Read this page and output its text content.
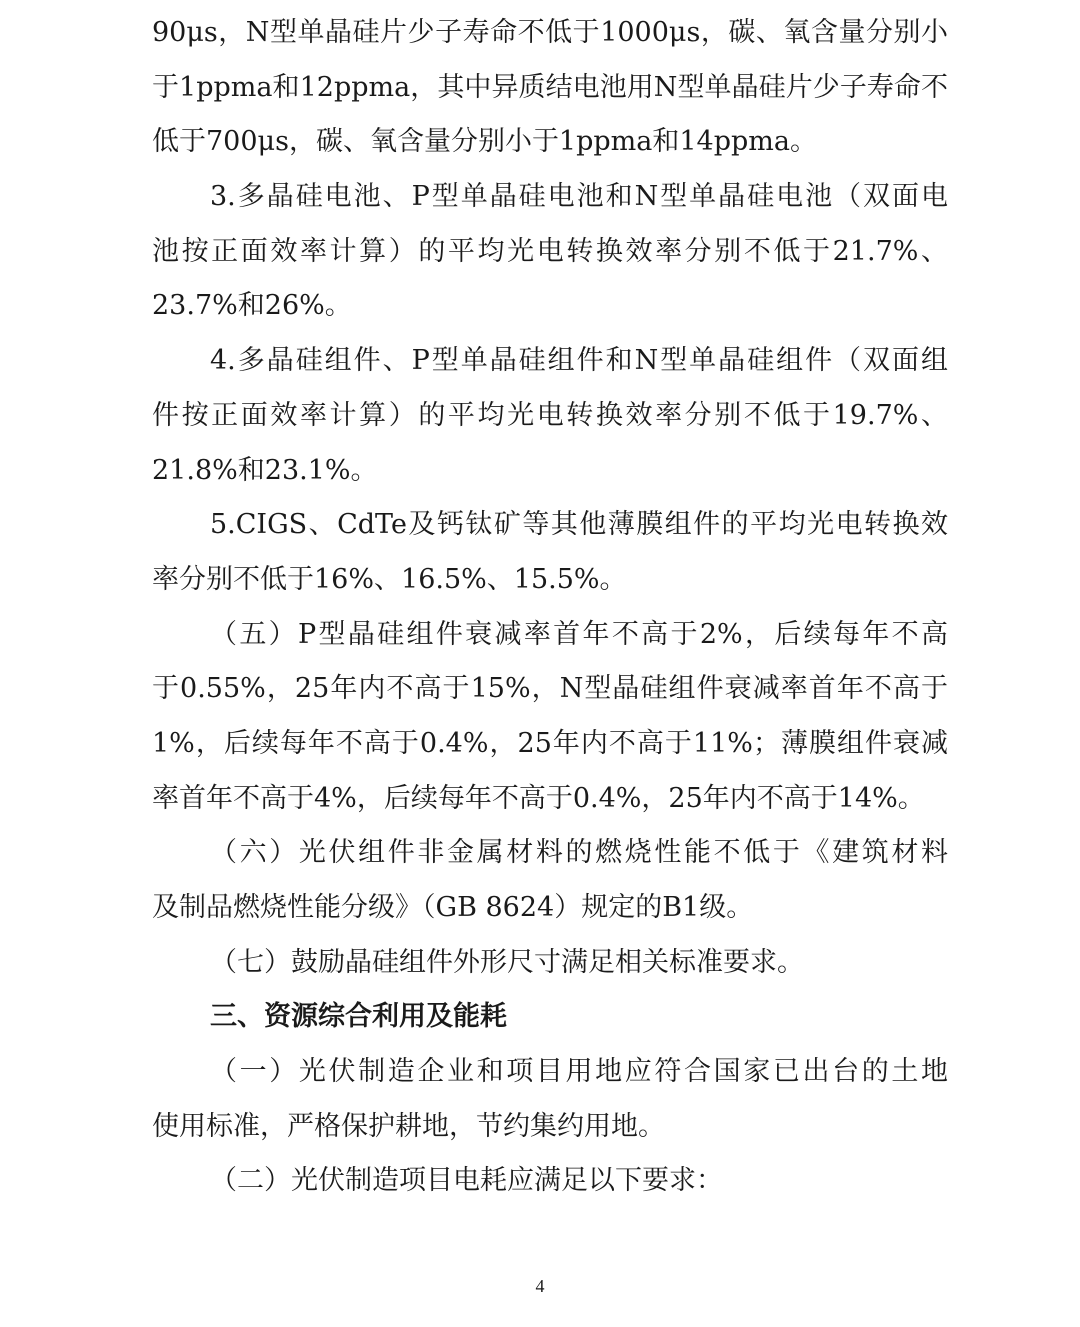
90μs，N型单晶硅片少子寿命不低于1000μs，碳、氧含量分别小
于1ppma和12ppma，其中异质结电池用N型单晶硅片少子寿命不
低于700μs，碳、氧含量分别小于1ppma和14ppma。
3.多晶硅电池、P型单晶硅电池和N型单晶硅电池（双面电
池按正面效率计算）的平均光电转换效率分别不低于21.7%、
23.7%和26%。
4.多晶硅组件、P型单晶硅组件和N型单晶硅组件（双面组
件按正面效率计算）的平均光电转换效率分别不低于19.7%、
21.8%和23.1%。
5.CIGS、CdTe及钙钛矿等其他薄膜组件的平均光电转换效
率分别不低于16%、16.5%、15.5%。
（五）P型晶硅组件衰减率首年不高于2%，后续每年不高
于0.55%，25年内不高于15%，N型晶硅组件衰减率首年不高于
1%，后续每年不高于0.4%，25年内不高于11%；薄膜组件衰减
率首年不高于4%，后续每年不高于0.4%，25年内不高于14%。
（六）光伏组件非金属材料的燃烧性能不低于《建筑材料
及制品燃烧性能分级》（GB 8624）规定的B1级。
（七）鼓励晶硅组件外形尺寸满足相关标准要求。
三、资源综合利用及能耗
（一）光伏制造企业和项目用地应符合国家已出台的土地
使用标准，严格保护耕地，节约集约用地。
（二）光伏制造项目电耗应满足以下要求：
4
